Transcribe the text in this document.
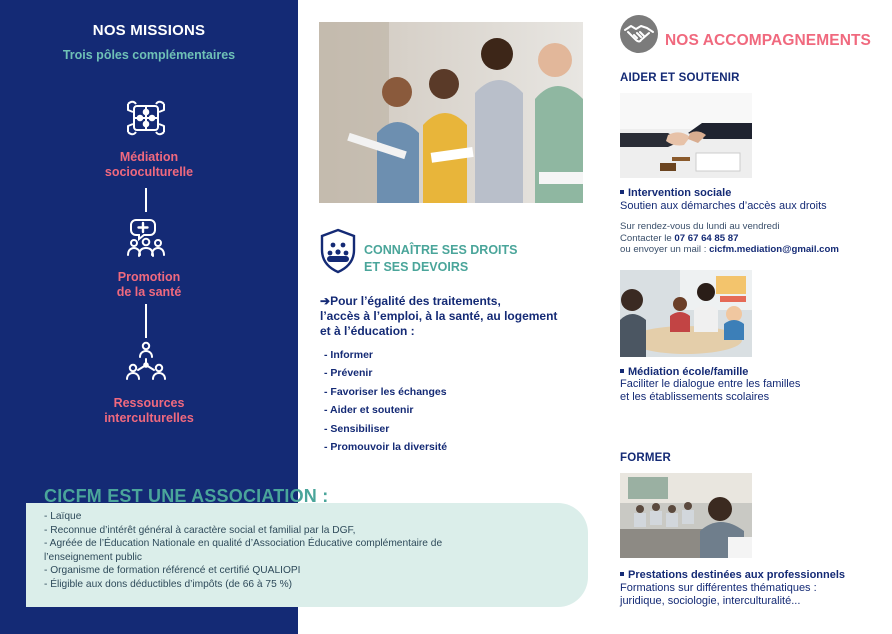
NOS MISSIONS
Trois pôles complémentaires
Médiation
socioculturelle
Promotion
de la santé
Ressources
interculturelles
CONNAÎTRE SES DROITS
ET SES DEVOIRS
➔Pour l’égalité des traitements,
l’accès à l’emploi, à la santé, au logement
et à l’éducation :
- Informer
- Prévenir
- Favoriser les échanges
- Aider et soutenir
- Sensibiliser
- Promouvoir la diversité
CICFM EST UNE ASSOCIATION :
- Laïque
- Reconnue d’intérêt général à caractère social et familial par la DGF,
- Agréée de l’Éducation Nationale en qualité d’Association Éducative complémentaire de
l’enseignement public
- Organisme de formation référencé et certifié QUALIOPI
- Éligible aux dons déductibles d’impôts (de 66 à 75 %)
NOS ACCOMPAGNEMENTS
AIDER ET SOUTENIR
Intervention sociale
Soutien aux démarches d’accès aux droits
Sur rendez-vous du lundi au vendredi
Contacter le 07 67 64 85 87
ou envoyer un mail : cicfm.mediation@gmail.com
Médiation école/famille
Faciliter le dialogue entre les familles
et les établissements scolaires
FORMER
Prestations destinées aux professionnels
Formations sur différentes thématiques :
juridique, sociologie, interculturalité...
